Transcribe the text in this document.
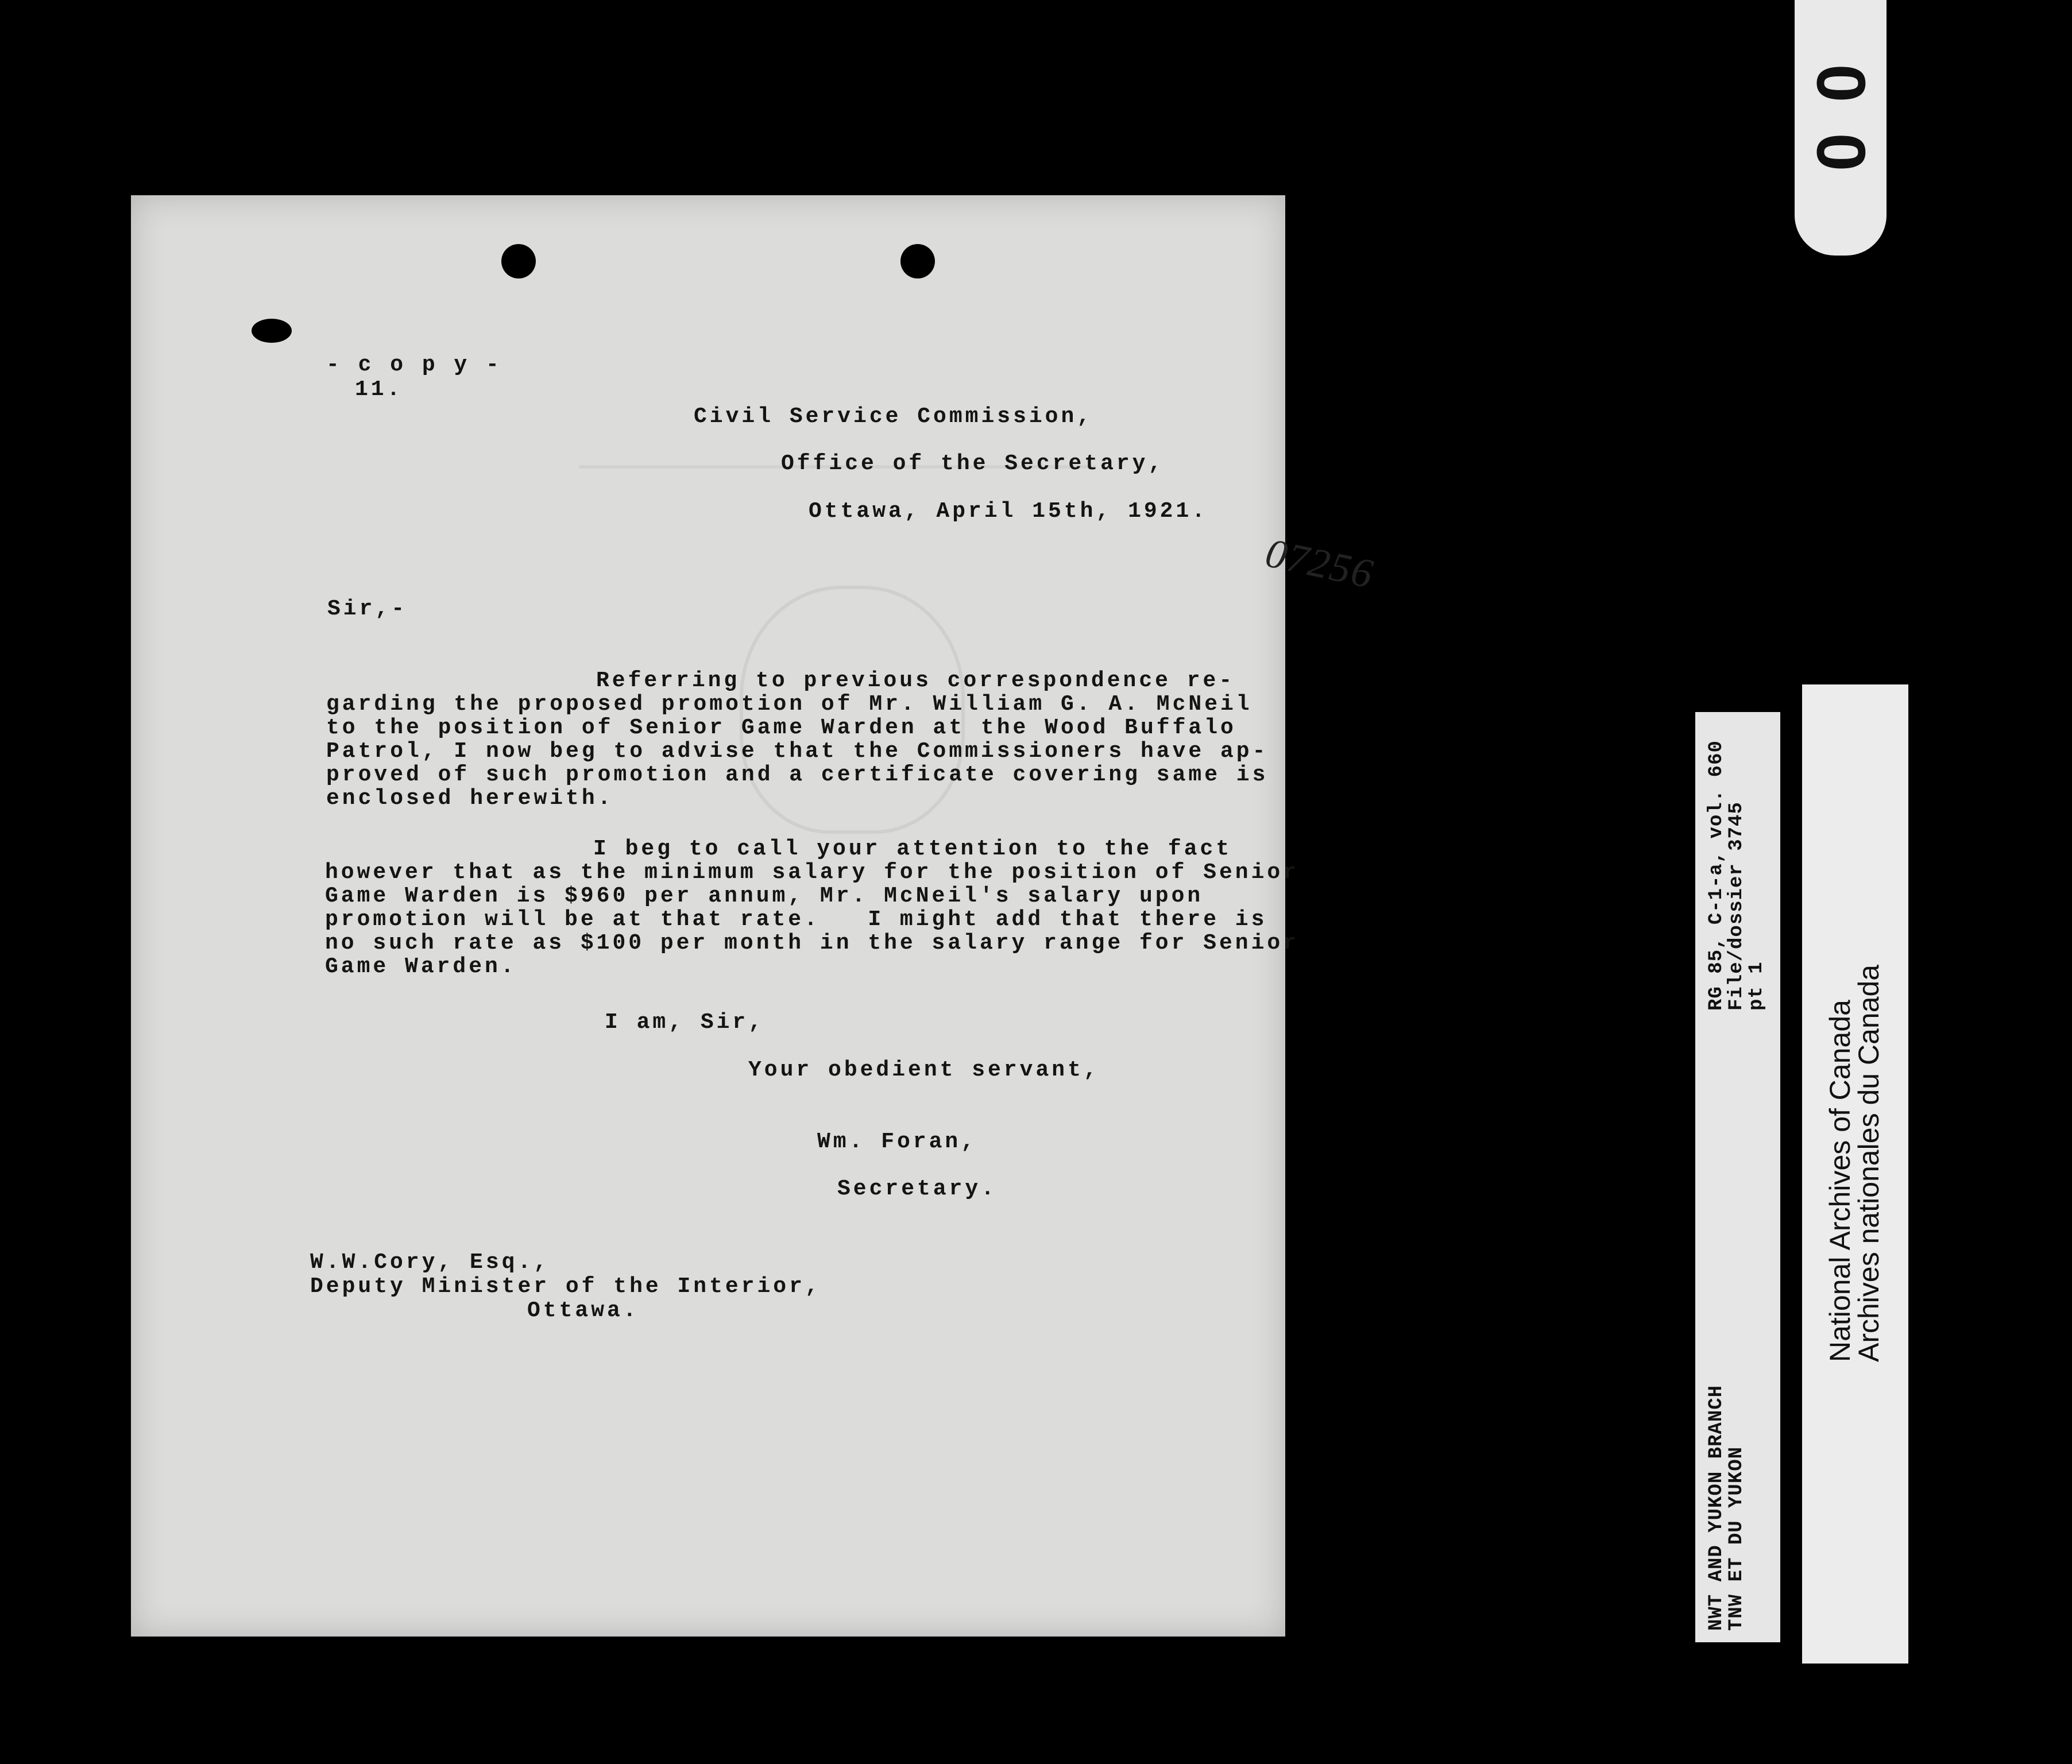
- c o p y -
11.
07256
Civil Service Commission,
Office of the Secretary,
Ottawa, April 15th, 1921.
Sir,-
Referring to previous correspondence re-
garding the proposed promotion of Mr. William G. A. McNeil
to the position of Senior Game Warden at the Wood Buffalo
Patrol, I now beg to advise that the Commissioners have ap-
proved of such promotion and a certificate covering same is
enclosed herewith.
I beg to call your attention to the fact
however that as the minimum salary for the position of Senior
Game Warden is $960 per annum, Mr. McNeil's salary upon
promotion will be at that rate.   I might add that there is
no such rate as $100 per month in the salary range for Senior
Game Warden.
I am, Sir,
Your obedient servant,
Wm. Foran,
Secretary.
W.W.Cory, Esq.,
Deputy Minister of the Interior,
Ottawa.
0 0
RG 85, C-1-a, vol. 660
File/dossier 3745
pt 1
NWT AND YUKON BRANCH
TNW ET DU YUKON
National Archives of Canada
Archives nationales du Canada
